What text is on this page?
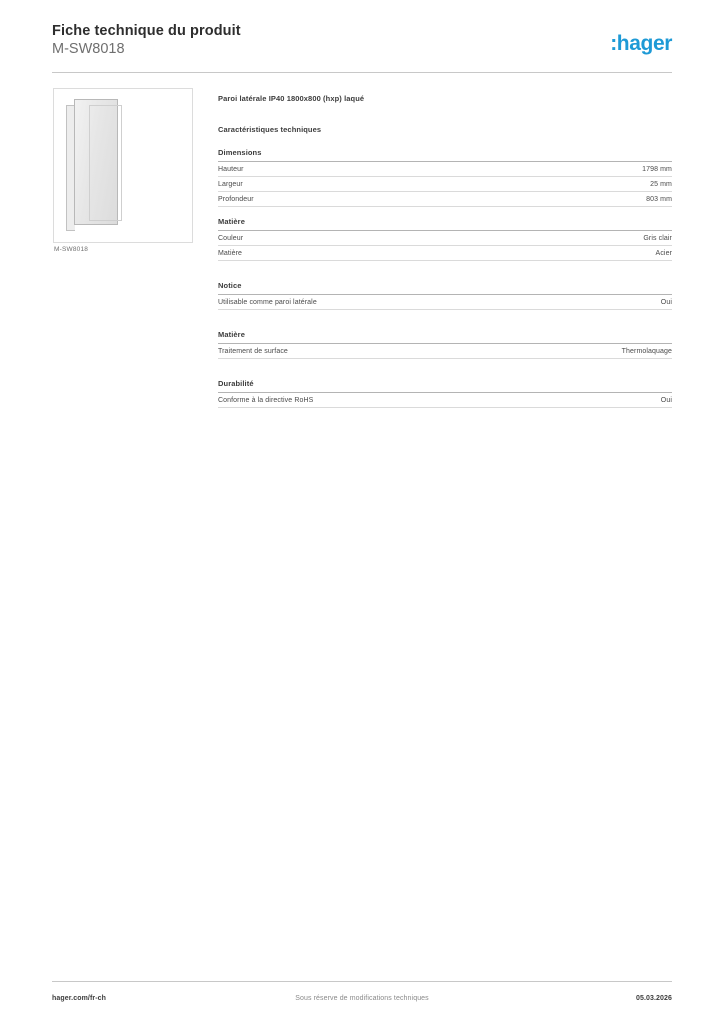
Fiche technique du produit
M-SW8018	:hager
M-SW8018
Paroi latérale IP40 1800x800 (hxp) laqué
Caractéristiques techniques
Dimensions
Hauteur	1798 mm
Largeur	25 mm
Profondeur	803 mm
Matière
Couleur	Gris clair
Matière	Acier
Notice
Utilisable comme paroi latérale	Oui
Matière
Traitement de surface	Thermolaquage
Durabilité
Conforme à la directive RoHS	Oui
hager.com/fr-ch	Sous réserve de modifications techniques	05.03.2026
